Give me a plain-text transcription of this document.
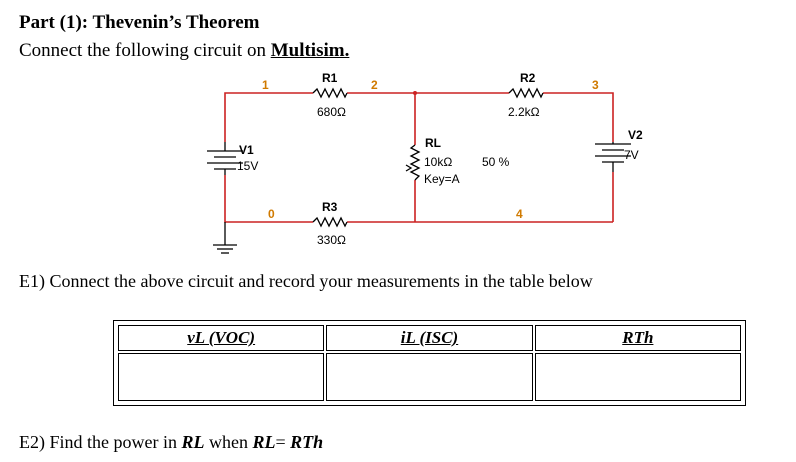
Part (1): Thevenin’s Theorem
Connect the following circuit on Multisim.
R1
680Ω
R2
2.2kΩ
R3
330Ω
RL
10kΩ
Key=A
50 %
V1
15V
V2
7V
1	2	3
0	4
E1) Connect the above circuit and record your measurements in the table below
vL (VOC)	iL (ISC)	RTh

E2) Find the power in RL when RL= RTh
